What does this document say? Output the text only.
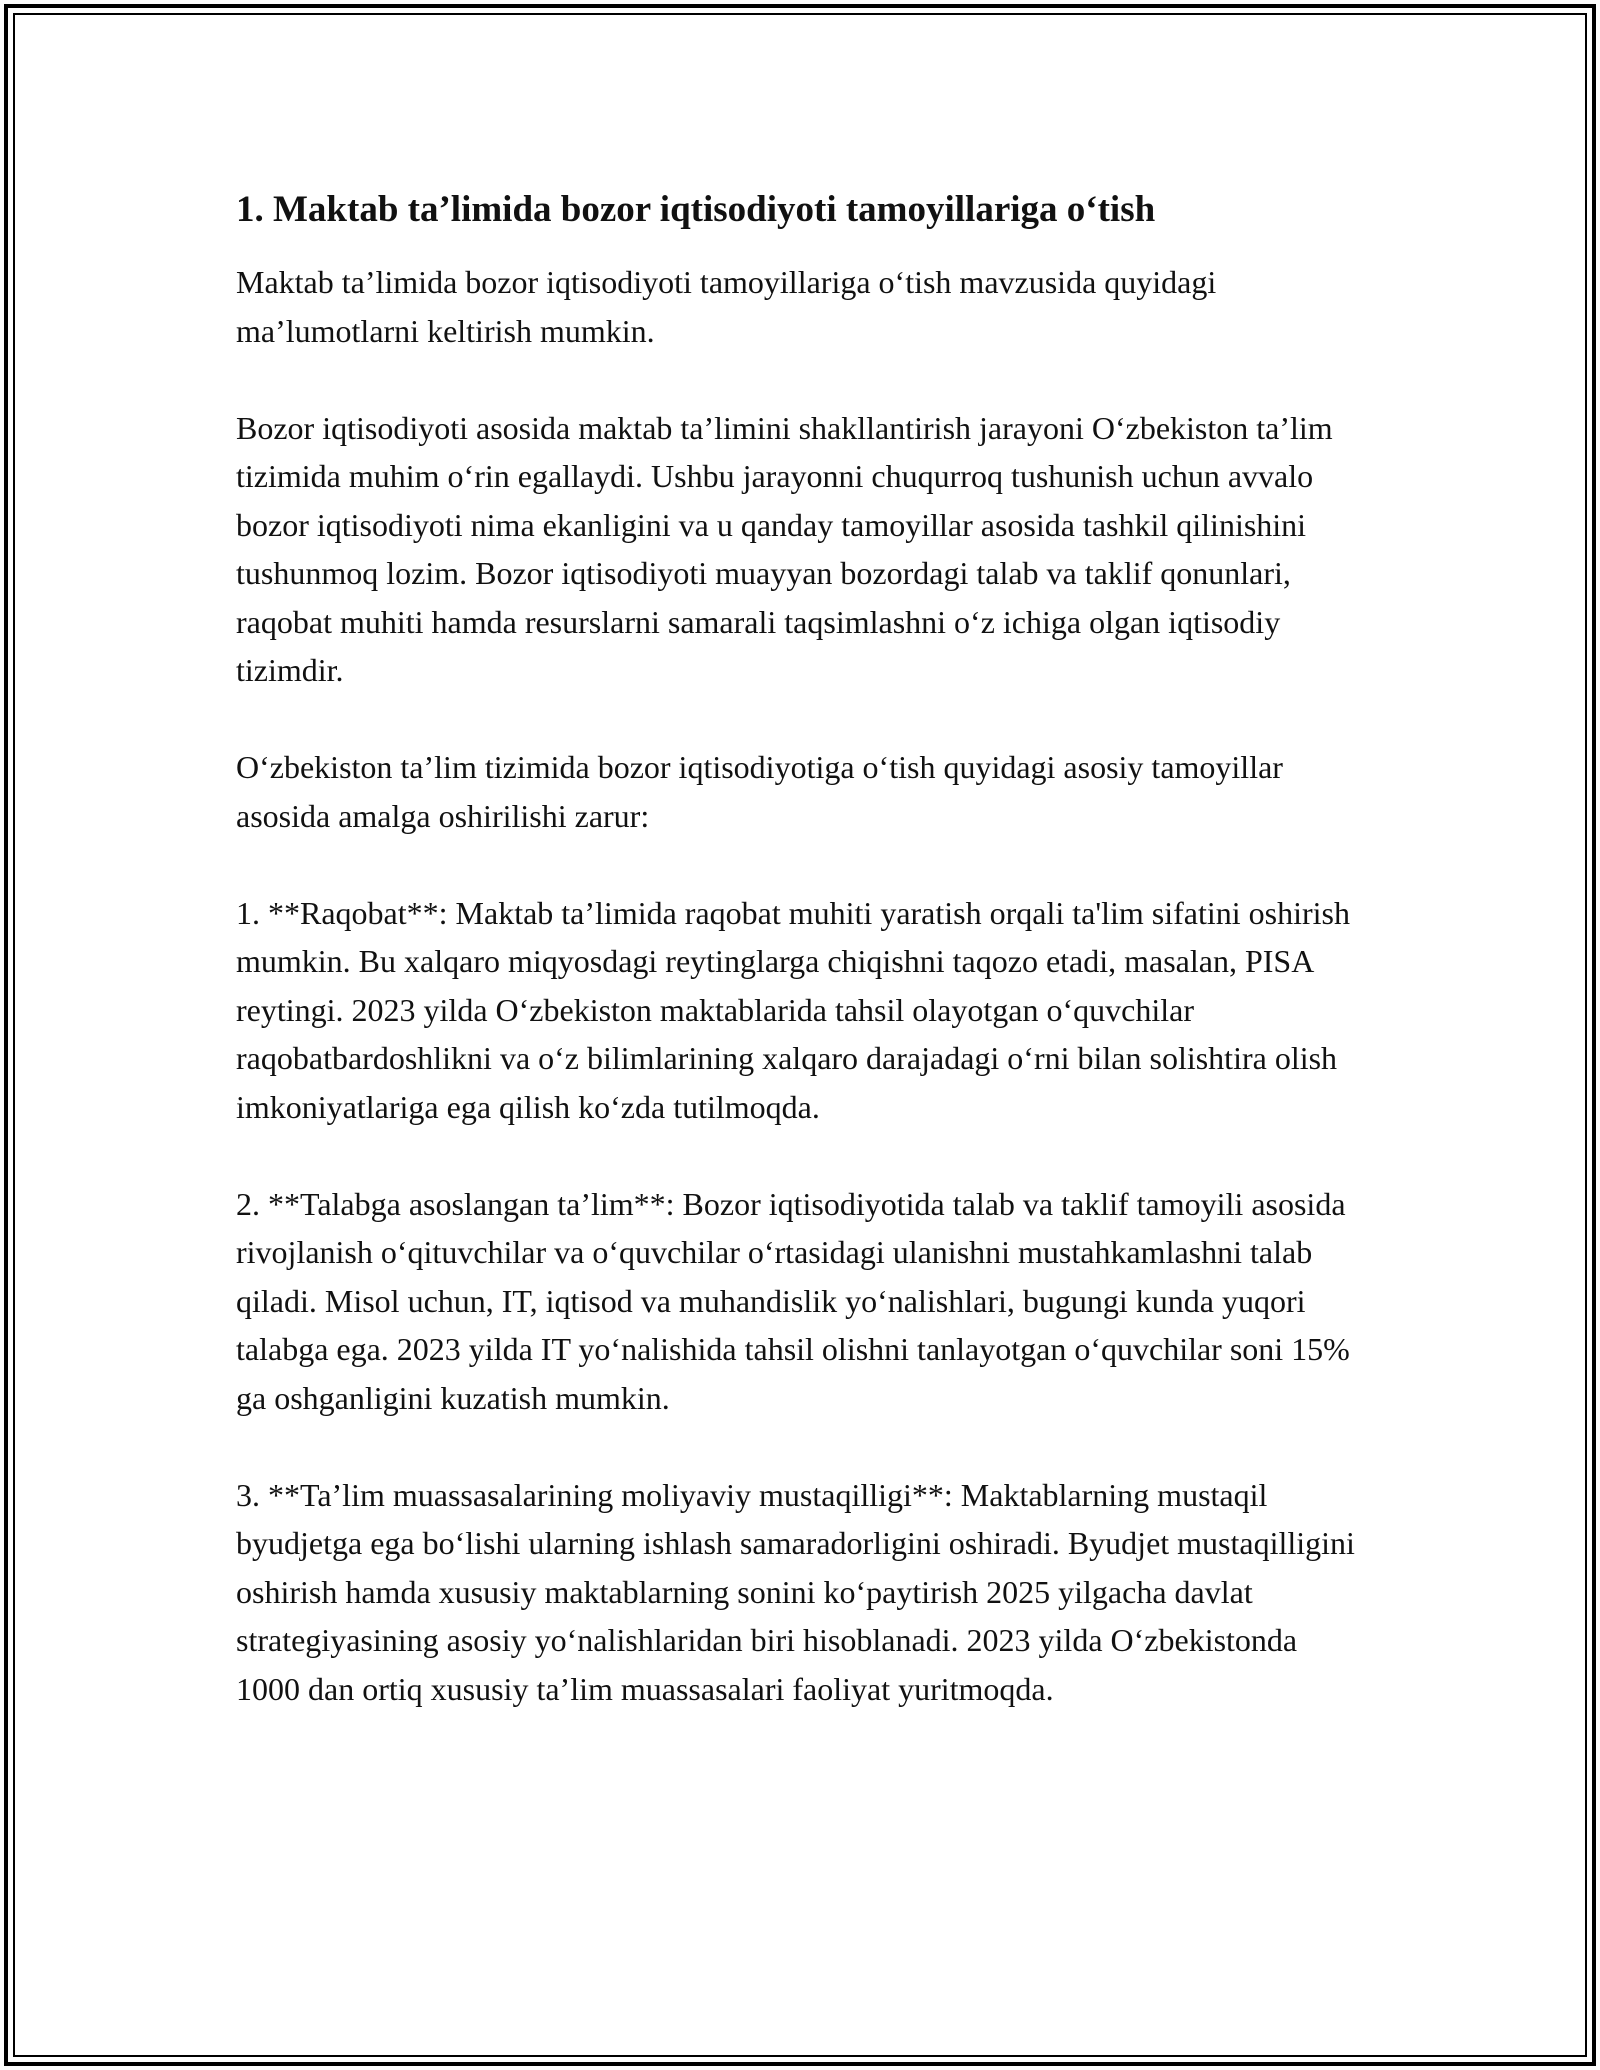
1. Maktab ta’limida bozor iqtisodiyoti tamoyillariga o‘tish

Maktab ta’limida bozor iqtisodiyoti tamoyillariga o‘tish mavzusida quyidagi ma’lumotlarni keltirish mumkin.

Bozor iqtisodiyoti asosida maktab ta’limini shakllantirish jarayoni O‘zbekiston ta’lim tizimida muhim o‘rin egallaydi. Ushbu jarayonni chuqurroq tushunish uchun avvalo bozor iqtisodiyoti nima ekanligini va u qanday tamoyillar asosida tashkil qilinishini tushunmoq lozim. Bozor iqtisodiyoti muayyan bozordagi talab va taklif qonunlari, raqobat muhiti hamda resurslarni samarali taqsimlashni o‘z ichiga olgan iqtisodiy tizimdir.

O‘zbekiston ta’lim tizimida bozor iqtisodiyotiga o‘tish quyidagi asosiy tamoyillar asosida amalga oshirilishi zarur:

1. **Raqobat**: Maktab ta’limida raqobat muhiti yaratish orqali ta'lim sifatini oshirish mumkin. Bu xalqaro miqyosdagi reytinglarga chiqishni taqozo etadi, masalan, PISA reytingi. 2023 yilda O‘zbekiston maktablarida tahsil olayotgan o‘quvchilar raqobatbardoshlikni va o‘z bilimlarining xalqaro darajadagi o‘rni bilan solishtira olish imkoniyatlariga ega qilish ko‘zda tutilmoqda.

2. **Talabga asoslangan ta’lim**: Bozor iqtisodiyotida talab va taklif tamoyili asosida rivojlanish o‘qituvchilar va o‘quvchilar o‘rtasidagi ulanishni mustahkamlashni talab qiladi. Misol uchun, IT, iqtisod va muhandislik yo‘nalishlari, bugungi kunda yuqori talabga ega. 2023 yilda IT yo‘nalishida tahsil olishni tanlayotgan o‘quvchilar soni 15% ga oshganligini kuzatish mumkin.

3. **Ta’lim muassasalarining moliyaviy mustaqilligi**: Maktablarning mustaqil byudjetga ega bo‘lishi ularning ishlash samaradorligini oshiradi. Byudjet mustaqilligini oshirish hamda xususiy maktablarning sonini ko‘paytirish 2025 yilgacha davlat strategiyasining asosiy yo‘nalishlaridan biri hisoblanadi. 2023 yilda O‘zbekistonda 1000 dan ortiq xususiy ta’lim muassasalari faoliyat yuritmoqda.
